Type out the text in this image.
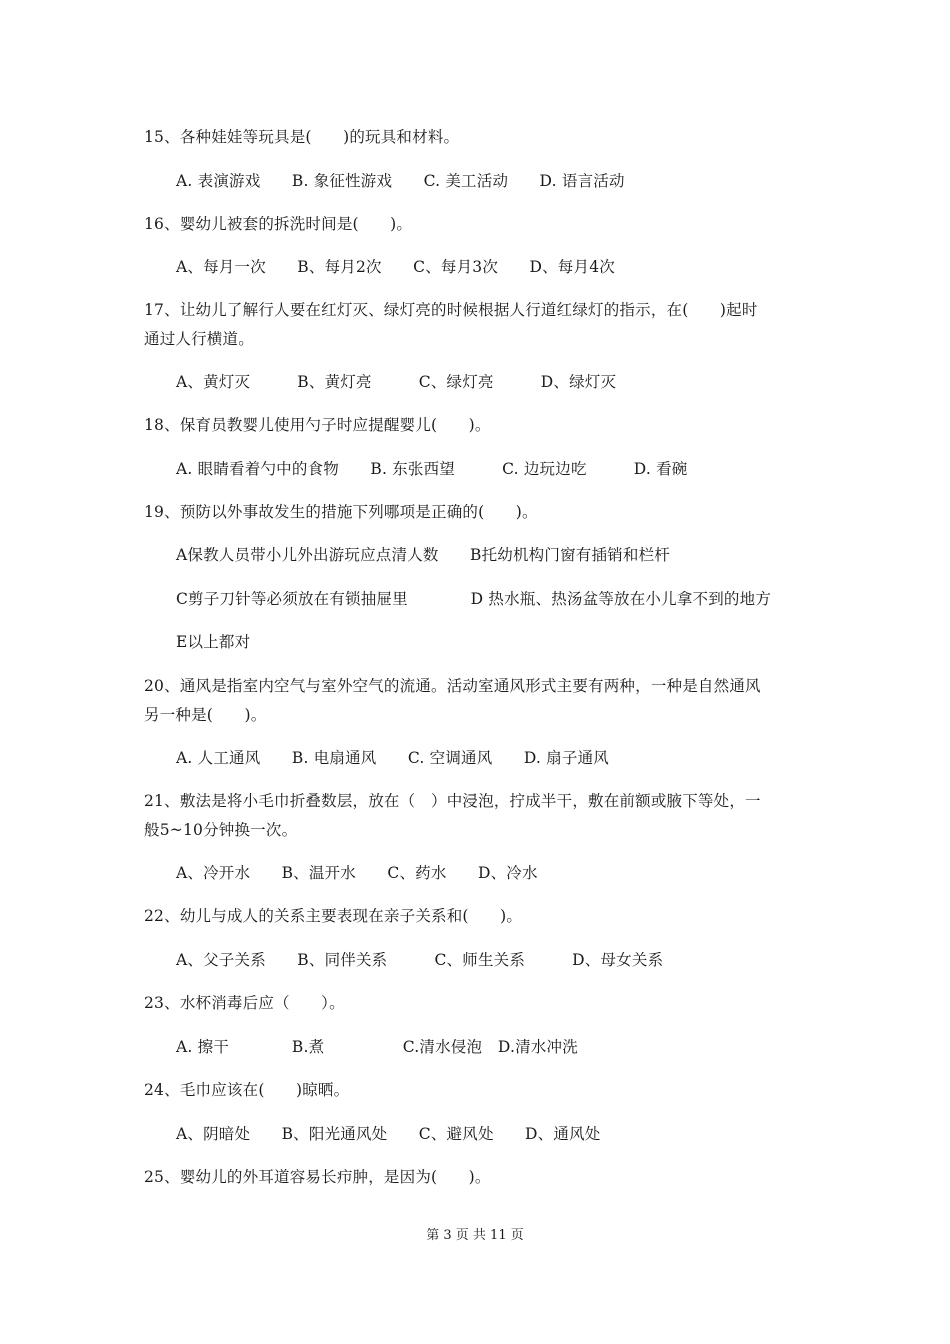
15、各种娃娃等玩具是(　　)的玩具和材料。
A. 表演游戏　　B. 象征性游戏　　C. 美工活动　　D. 语言活动
16、婴幼儿被套的拆洗时间是(　　)。
A、每月一次　　B、每月2次　　C、每月3次　　D、每月4次
17、让幼儿了解行人要在红灯灭、绿灯亮的时候根据人行道红绿灯的指示，在(　　)起时
通过人行横道。
A、黄灯灭　　　B、黄灯亮　　　C、绿灯亮　　　D、绿灯灭
18、保育员教婴儿使用勺子时应提醒婴儿(　　)。
A. 眼睛看着勺中的食物　　B. 东张西望　　　C. 边玩边吃　　　D. 看碗
19、预防以外事故发生的措施下列哪项是正确的(　　)。
A保教人员带小儿外出游玩应点清人数　　B托幼机构门窗有插销和栏杆
C剪子刀针等必须放在有锁抽屉里　　　　D 热水瓶、热汤盆等放在小儿拿不到的地方
E以上都对
20、通风是指室内空气与室外空气的流通。活动室通风形式主要有两种，一种是自然通风
另一种是(　　)。
A. 人工通风　　B. 电扇通风　　C. 空调通风　　D. 扇子通风
21、敷法是将小毛巾折叠数层，放在（　）中浸泡，拧成半干，敷在前额或腋下等处，一
般5~10分钟换一次。
A、冷开水　　B、温开水　　C、药水　　D、冷水
22、幼儿与成人的关系主要表现在亲子关系和(　　)。
A、父子关系　　B、同伴关系　　　C、师生关系　　　D、母女关系
23、水杯消毒后应（　　）。
A. 擦干　　　　B.煮　　　　　C.清水侵泡　D.清水冲洗
24、毛巾应该在(　　)晾晒。
A、阴暗处　　B、阳光通风处　　C、避风处　　D、通风处
25、婴幼儿的外耳道容易长疖肿，是因为(　　)。
第 3 页 共 11 页
